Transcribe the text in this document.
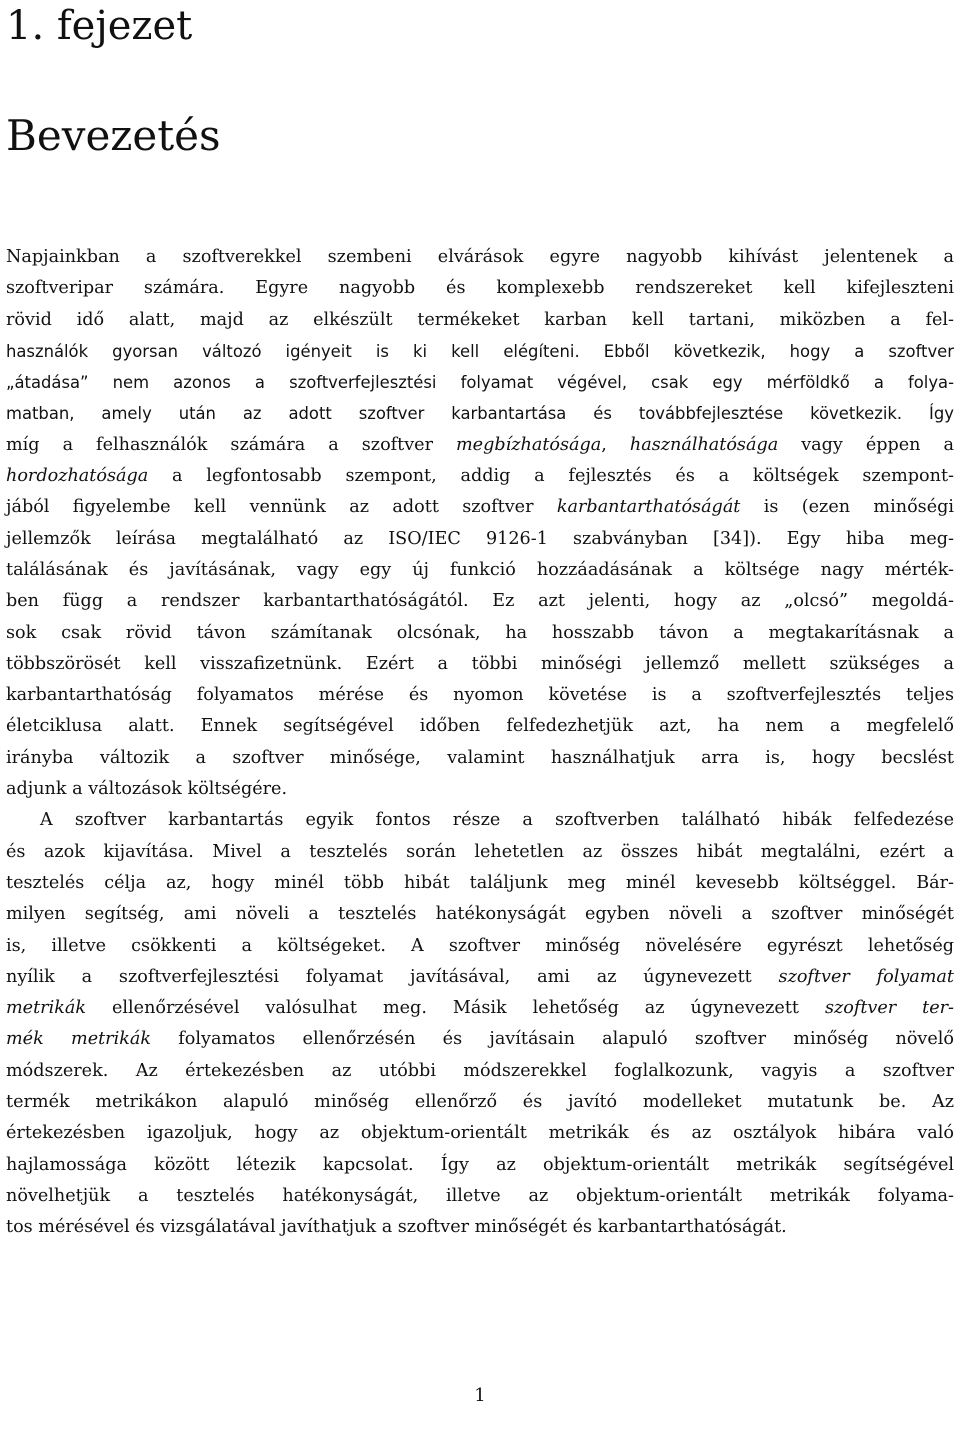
1. fejezet
Bevezetés
Napjainkban a szoftverekkel szembeni elvárások egyre nagyobb kihívást jelentenek a
szoftveripar számára. Egyre nagyobb és komplexebb rendszereket kell kifejleszteni
rövid idő alatt, majd az elkészült termékeket karban kell tartani, miközben a fel-
használók gyorsan változó igényeit is ki kell elégíteni. Ebből következik, hogy a szoftver
„átadása” nem azonos a szoftverfejlesztési folyamat végével, csak egy mérföldkő a folya-
matban, amely után az adott szoftver karbantartása és továbbfejlesztése következik. Így
míg a felhasználók számára a szoftver megbízhatósága, használhatósága vagy éppen a
hordozhatósága a legfontosabb szempont, addig a fejlesztés és a költségek szempont-
jából figyelembe kell vennünk az adott szoftver karbantarthatóságát is (ezen minőségi
jellemzők leírása megtalálható az ISO/IEC 9126-1 szabványban [34]). Egy hiba meg-
találásának és javításának, vagy egy új funkció hozzáadásának a költsége nagy mérték-
ben függ a rendszer karbantarthatóságától. Ez azt jelenti, hogy az „olcsó” megoldá-
sok csak rövid távon számítanak olcsónak, ha hosszabb távon a megtakarításnak a
többszörösét kell visszafizetnünk. Ezért a többi minőségi jellemző mellett szükséges a
karbantarthatóság folyamatos mérése és nyomon követése is a szoftverfejlesztés teljes
életciklusa alatt. Ennek segítségével időben felfedezhetjük azt, ha nem a megfelelő
irányba változik a szoftver minősége, valamint használhatjuk arra is, hogy becslést
adjunk a változások költségére.
A szoftver karbantartás egyik fontos része a szoftverben található hibák felfedezése
és azok kijavítása. Mivel a tesztelés során lehetetlen az összes hibát megtalálni, ezért a
tesztelés célja az, hogy minél több hibát találjunk meg minél kevesebb költséggel. Bár-
milyen segítség, ami növeli a tesztelés hatékonyságát egyben növeli a szoftver minőségét
is, illetve csökkenti a költségeket. A szoftver minőség növelésére egyrészt lehetőség
nyílik a szoftverfejlesztési folyamat javításával, ami az úgynevezett szoftver folyamat
metrikák ellenőrzésével valósulhat meg. Másik lehetőség az úgynevezett szoftver ter-
mék metrikák folyamatos ellenőrzésén és javításain alapuló szoftver minőség növelő
módszerek. Az értekezésben az utóbbi módszerekkel foglalkozunk, vagyis a szoftver
termék metrikákon alapuló minőség ellenőrző és javító modelleket mutatunk be. Az
értekezésben igazoljuk, hogy az objektum-orientált metrikák és az osztályok hibára való
hajlamossága között létezik kapcsolat. Így az objektum-orientált metrikák segítségével
növelhetjük a tesztelés hatékonyságát, illetve az objektum-orientált metrikák folyama-
tos mérésével és vizsgálatával javíthatjuk a szoftver minőségét és karbantarthatóságát.
1
